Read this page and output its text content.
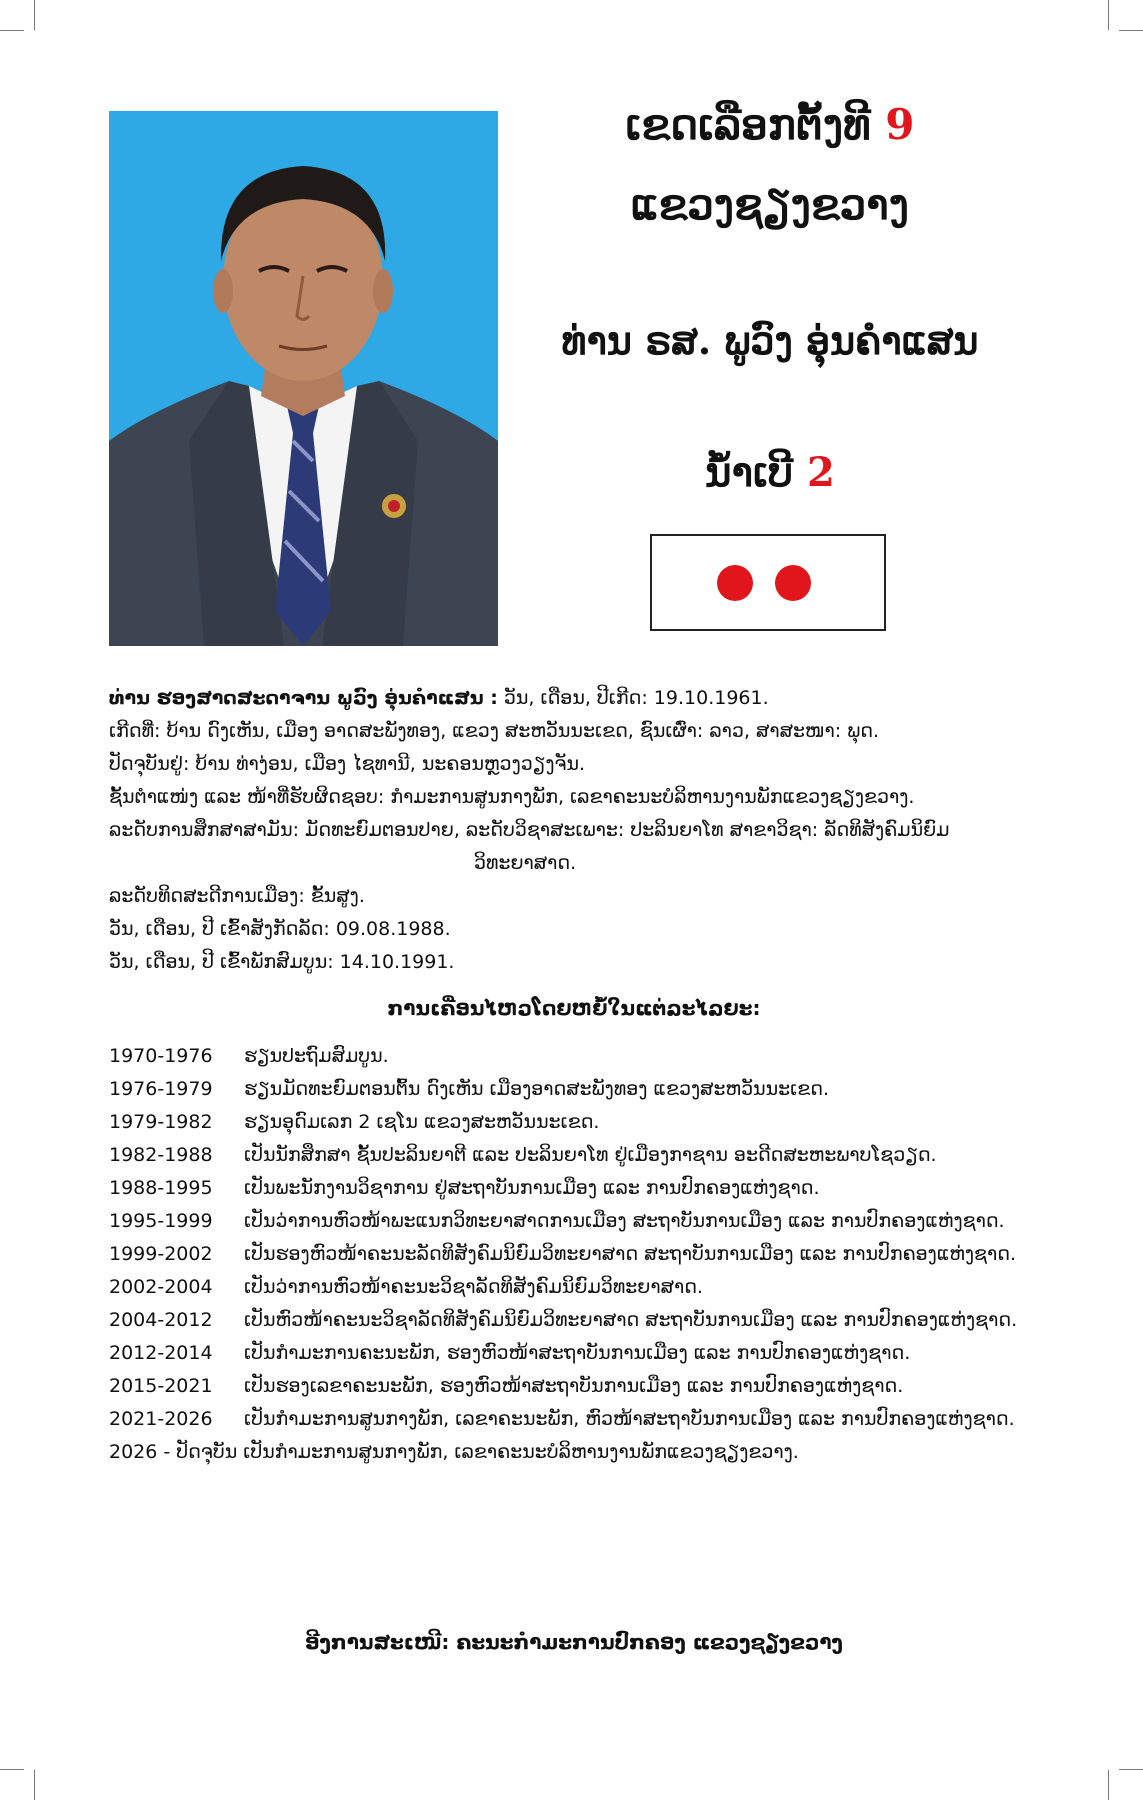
ເຂດເລືອກຕັ້ງທີ 9
ແຂວງຊຽງຂວາງ
ທ່ານ ຣສ. ພູວົງ ອຸ່ນຄຳແສນ
ນ້ຳເບີ 2

ທ່ານ ຮອງສາດສະດາຈານ ພູວົງ ອຸ່ນຄຳແສນ : ວັນ, ເດືອນ, ປີເກີດ: 19.10.1961.

ເກີດທີ່: ບ້ານ ດົງເຫັນ, ເມືອງ ອາດສະພັງທອງ, ແຂວງ ສະຫວັນນະເຂດ, ຊົນເຜົ່າ: ລາວ, ສາສະໜາ: ພຸດ.

ປັດຈຸບັນຢູ່: ບ້ານ ທ່າງ່ອນ, ເມືອງ ໄຊທານີ, ນະຄອນຫຼວງວຽງຈັນ.

ຊັ້ນຕຳແໜ່ງ ແລະ ໜ້າທີ່ຮັບຜິດຊອບ: ກຳມະການສູນກາງພັກ, ເລຂາຄະນະບໍລິຫານງານພັກແຂວງຊຽງຂວາງ.

ລະດັບການສຶກສາສາມັນ: ມັດທະຍົມຕອນປາຍ, ລະດັບວິຊາສະເພາະ: ປະລິນຍາໂທ ສາຂາວິຊາ: ລັດທິສັງຄົມນິຍົມ

ວິທະຍາສາດ.

ລະດັບທິດສະດີການເມືອງ: ຂັ້ນສູງ.

ວັນ, ເດືອນ, ປີ ເຂົ້າສັງກັດລັດ: 09.08.1988.

ວັນ, ເດືອນ, ປີ ເຂົ້າພັກສົມບູນ: 14.10.1991.

ການເຄື່ອນໄຫວໂດຍຫຍໍ້ໃນແຕ່ລະໄລຍະ:
1970-1976	ຮຽນປະຖົມສົມບູນ.
1976-1979	ຮຽນມັດທະຍົມຕອນຕົ້ນ ດົງເຫັນ ເມືອງອາດສະພັງທອງ ແຂວງສະຫວັນນະເຂດ.
1979-1982	ຮຽນອຸດົມເລກ 2 ເຊໂນ ແຂວງສະຫວັນນະເຂດ.
1982-1988	ເປັນນັກສຶກສາ ຊັ້ນປະລິນຍາຕີ ແລະ ປະລິນຍາໂທ ຢູ່ເມືອງກາຊານ ອະດີດສະຫະພາບໂຊວຽດ.
1988-1995	ເປັນພະນັກງານວິຊາການ ຢູ່ສະຖາບັນການເມືອງ ແລະ ການປົກຄອງແຫ່ງຊາດ.
1995-1999	ເປັນວ່າການຫົວໜ້າພະແນກວິທະຍາສາດການເມືອງ ສະຖາບັນການເມືອງ ແລະ ການປົກຄອງແຫ່ງຊາດ.
1999-2002	ເປັນຮອງຫົວໜ້າຄະນະລັດທິສັງຄົມນິຍົມວິທະຍາສາດ ສະຖາບັນການເມືອງ ແລະ ການປົກຄອງແຫ່ງຊາດ.
2002-2004	ເປັນວ່າການຫົວໜ້າຄະນະວິຊາລັດທິສັງຄົມນິຍົມວິທະຍາສາດ.
2004-2012	ເປັນຫົວໜ້າຄະນະວິຊາລັດທິສັງຄົມນິຍົມວິທະຍາສາດ ສະຖາບັນການເມືອງ ແລະ ການປົກຄອງແຫ່ງຊາດ.
2012-2014	ເປັນກຳມະການຄະນະພັກ, ຮອງຫົວໜ້າສະຖາບັນການເມືອງ ແລະ ການປົກຄອງແຫ່ງຊາດ.
2015-2021	ເປັນຮອງເລຂາຄະນະພັກ, ຮອງຫົວໜ້າສະຖາບັນການເມືອງ ແລະ ການປົກຄອງແຫ່ງຊາດ.
2021-2026	ເປັນກຳມະການສູນກາງພັກ, ເລຂາຄະນະພັກ, ຫົວໜ້າສະຖາບັນການເມືອງ ແລະ ການປົກຄອງແຫ່ງຊາດ.
2026 - ປັດຈຸບັນ ເປັນກຳມະການສູນກາງພັກ, ເລຂາຄະນະບໍລິຫານງານພັກແຂວງຊຽງຂວາງ.
ອີງການສະເໜີ: ຄະນະກຳມະການປົກຄອງ ແຂວງຊຽງຂວາງ
